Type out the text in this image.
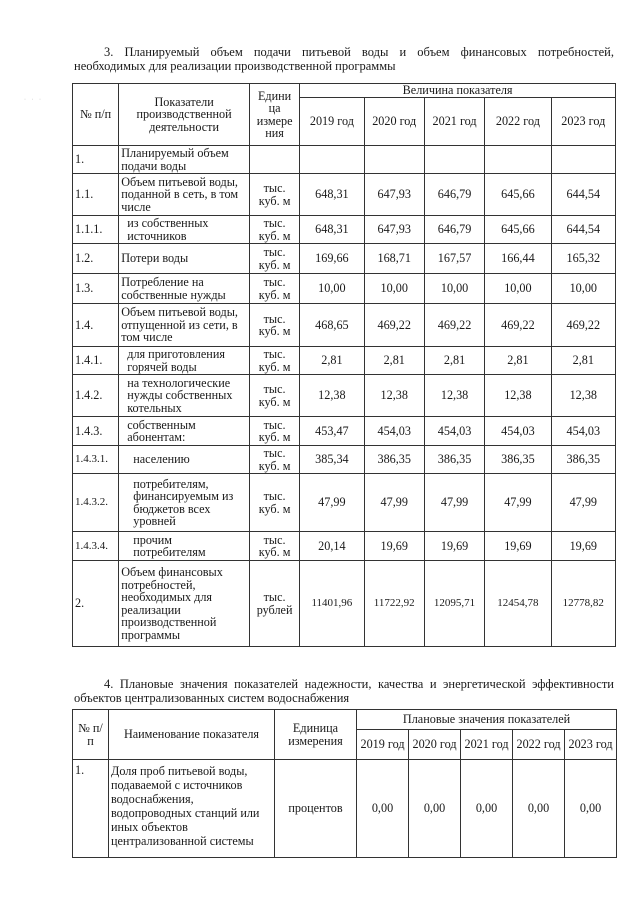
· · ·
3. Планируемый объем подачи питьевой воды и объем финансовых потребностей, необходимых для реализации производственной программы
№ п/п	Показатели производственной деятельности	Едини ца измере ния	Величина показателя				
			2019 год	2020 год	2021 год	2022 год	2023 год
1.	Планируемый объем подачи воды						
1.1.	Объем питьевой воды, поданной в сеть, в том числе	тыс. куб. м	648,31	647,93	646,79	645,66	644,54
1.1.1.	из собственных источников	тыс. куб. м	648,31	647,93	646,79	645,66	644,54
1.2.	Потери воды	тыс. куб. м	169,66	168,71	167,57	166,44	165,32
1.3.	Потребление на собственные нужды	тыс. куб. м	10,00	10,00	10,00	10,00	10,00
1.4.	Объем питьевой воды, отпущенной из сети, в том числе	тыс. куб. м	468,65	469,22	469,22	469,22	469,22
1.4.1.	для приготовления горячей воды	тыс. куб. м	2,81	2,81	2,81	2,81	2,81
1.4.2.	на технологические нужды собственных котельных	тыс. куб. м	12,38	12,38	12,38	12,38	12,38
1.4.3.	собственным абонентам:	тыс. куб. м	453,47	454,03	454,03	454,03	454,03
1.4.3.1.	населению	тыс. куб. м	385,34	386,35	386,35	386,35	386,35
1.4.3.2.	потребителям, финансируемым из бюджетов всех уровней	тыс. куб. м	47,99	47,99	47,99	47,99	47,99
1.4.3.4.	прочим потребителям	тыс. куб. м	20,14	19,69	19,69	19,69	19,69
2.	Объем финансовых потребностей, необходимых для реализации производственной программы	тыс. рублей	11401,96	11722,92	12095,71	12454,78	12778,82
4. Плановые значения показателей надежности, качества и энергетической эффективности объектов централизованных систем водоснабжения
№ п/п	Наименование показателя	Единица измерения	Плановые значения показателей				
			2019 год	2020 год	2021 год	2022 год	2023 год
1.	Доля проб питьевой воды, подаваемой с источников водоснабжения, водопроводных станций или иных объектов централизованной системы	процентов	0,00	0,00	0,00	0,00	0,00
